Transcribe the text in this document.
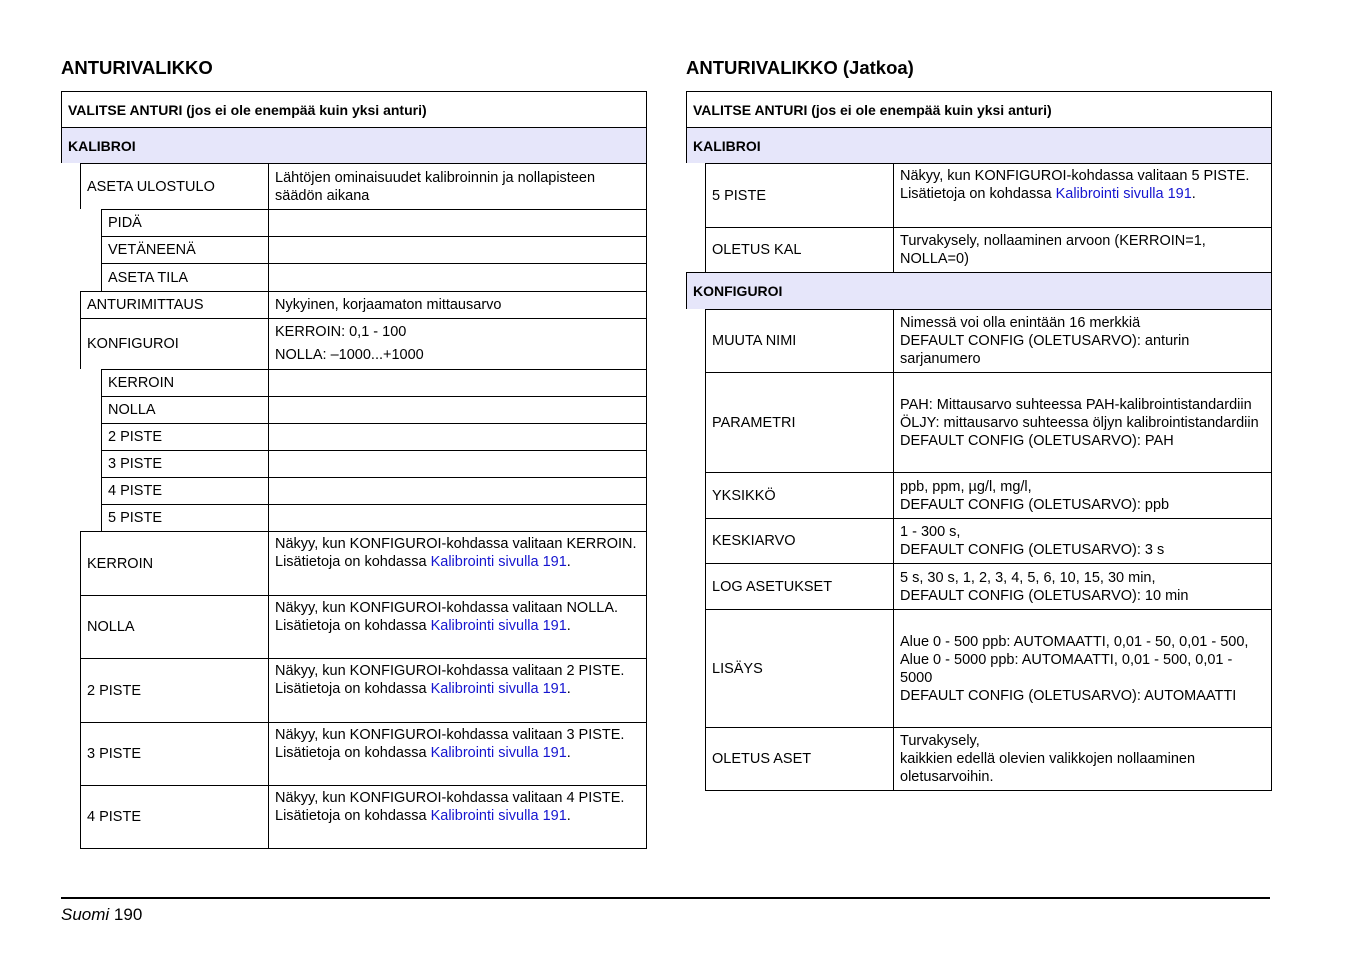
ANTURIVALIKKO	ANTURIVALIKKO (Jatkoa)
VALITSE ANTURI (jos ei ole enempää kuin yksi anturi)
KALIBROI
ASETA ULOSTULO
Lähtöjen ominaisuudet kalibroinnin ja nollapisteen säädön aikana
PIDÄ
VETÄNEENÄ
ASETA TILA
ANTURIMITTAUS	Nykyinen, korjaamaton mittausarvo
KONFIGUROI
KERROIN: 0,1 - 100
NOLLA: –1000...+1000
KERROIN
NOLLA
2 PISTE
3 PISTE
4 PISTE
5 PISTE
KERROIN
Näkyy, kun KONFIGUROI-kohdassa valitaan KERROIN. Lisätietoja on kohdassa Kalibrointi sivulla 191.
NOLLA
Näkyy, kun KONFIGUROI-kohdassa valitaan NOLLA. Lisätietoja on kohdassa Kalibrointi sivulla 191.
2 PISTE
Näkyy, kun KONFIGUROI-kohdassa valitaan 2 PISTE. Lisätietoja on kohdassa Kalibrointi sivulla 191.
3 PISTE
Näkyy, kun KONFIGUROI-kohdassa valitaan 3 PISTE. Lisätietoja on kohdassa Kalibrointi sivulla 191.
4 PISTE
Näkyy, kun KONFIGUROI-kohdassa valitaan 4 PISTE. Lisätietoja on kohdassa Kalibrointi sivulla 191.
VALITSE ANTURI (jos ei ole enempää kuin yksi anturi)
KALIBROI
5 PISTE
Näkyy, kun KONFIGUROI-kohdassa valitaan 5 PISTE. Lisätietoja on kohdassa Kalibrointi sivulla 191.
OLETUS KAL
Turvakysely, nollaaminen arvoon (KERROIN=1, NOLLA=0)
KONFIGUROI
MUUTA NIMI
Nimessä voi olla enintään 16 merkkiä
DEFAULT CONFIG (OLETUSARVO): anturin sarjanumero
PARAMETRI
PAH: Mittausarvo suhteessa PAH-kalibrointistandardiin
ÖLJY: mittausarvo suhteessa öljyn kalibrointistandardiin
DEFAULT CONFIG (OLETUSARVO): PAH
YKSIKKÖ
ppb, ppm, µg/l, mg/l,
DEFAULT CONFIG (OLETUSARVO): ppb
KESKIARVO
1 - 300 s,
DEFAULT CONFIG (OLETUSARVO): 3 s
LOG ASETUKSET
5 s, 30 s, 1, 2, 3, 4, 5, 6, 10, 15, 30 min,
DEFAULT CONFIG (OLETUSARVO): 10 min
LISÄYS
Alue 0 - 500 ppb: AUTOMAATTI, 0,01 - 50, 0,01 - 500,
Alue 0 - 5000 ppb: AUTOMAATTI, 0,01 - 500, 0,01 - 5000
DEFAULT CONFIG (OLETUSARVO): AUTOMAATTI
OLETUS ASET
Turvakysely,
kaikkien edellä olevien valikkojen nollaaminen oletusarvoihin.
Suomi 190
